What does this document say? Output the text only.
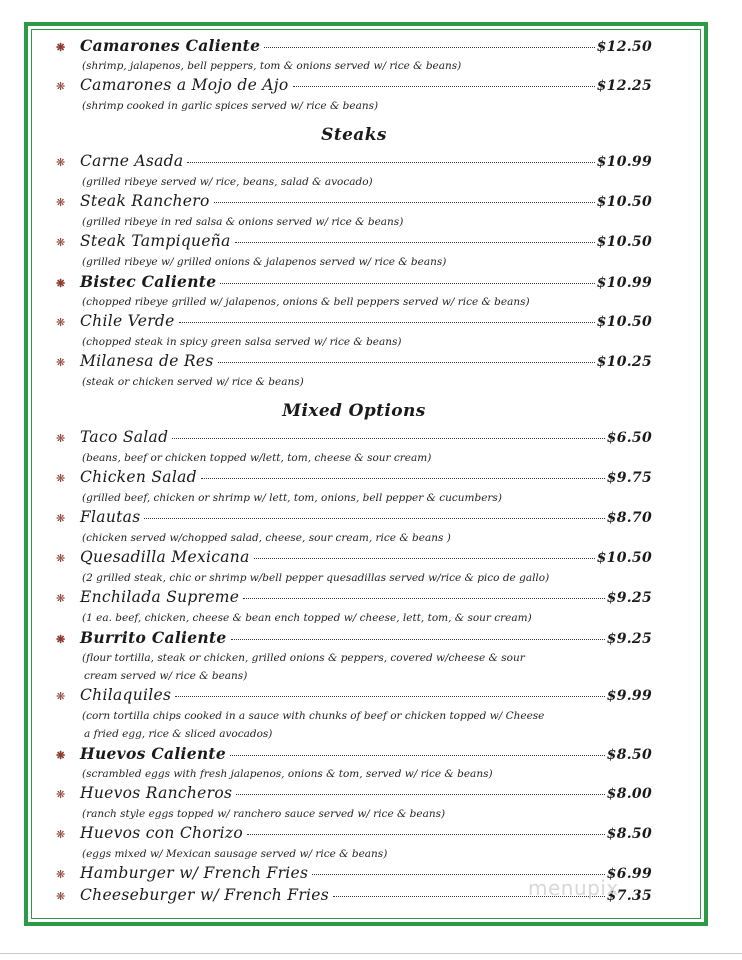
❋ Camarones Caliente	$12.50
(shrimp, jalapenos, bell peppers, tom & onions served w/ rice & beans)
❋ Camarones a Mojo de Ajo	$12.25
(shrimp cooked in garlic spices served w/ rice & beans)
Steaks
❋ Carne Asada	$10.99
(grilled ribeye served w/ rice, beans, salad & avocado)
❋ Steak Ranchero	$10.50
(grilled ribeye in red salsa & onions served w/ rice & beans)
❋ Steak Tampiqueña	$10.50
(grilled ribeye w/ grilled onions & jalapenos served w/ rice & beans)
❋ Bistec Caliente	$10.99
(chopped ribeye grilled w/ jalapenos, onions & bell peppers served w/ rice & beans)
❋ Chile Verde	$10.50
(chopped steak in spicy green salsa served w/ rice & beans)
❋ Milanesa de Res	$10.25
(steak or chicken served w/ rice & beans)
Mixed Options
❋ Taco Salad	$6.50
(beans, beef or chicken topped w/lett, tom, cheese & sour cream)
❋ Chicken Salad	$9.75
(grilled beef, chicken or shrimp w/ lett, tom, onions, bell pepper & cucumbers)
❋ Flautas	$8.70
(chicken served w/chopped salad, cheese, sour cream, rice & beans )
❋ Quesadilla Mexicana	$10.50
(2 grilled steak, chic or shrimp w/bell pepper quesadillas served w/rice & pico de gallo)
❋ Enchilada Supreme	$9.25
(1 ea. beef, chicken, cheese & bean ench topped w/ cheese, lett, tom, & sour cream)
❋ Burrito Caliente	$9.25
(flour tortilla, steak or chicken, grilled onions & peppers, covered w/cheese & sour
cream served w/ rice & beans)
❋ Chilaquiles	$9.99
(corn tortilla chips cooked in a sauce with chunks of beef or chicken topped w/ Cheese
a fried egg, rice & sliced avocados)
❋ Huevos Caliente	$8.50
(scrambled eggs with fresh jalapenos, onions & tom, served w/ rice & beans)
❋ Huevos Rancheros	$8.00
(ranch style eggs topped w/ ranchero sauce served w/ rice & beans)
❋ Huevos con Chorizo	$8.50
(eggs mixed w/ Mexican sausage served w/ rice & beans)
❋ Hamburger w/ French Fries	$6.99
❋ Cheeseburger w/ French Fries	$7.35
menupix
